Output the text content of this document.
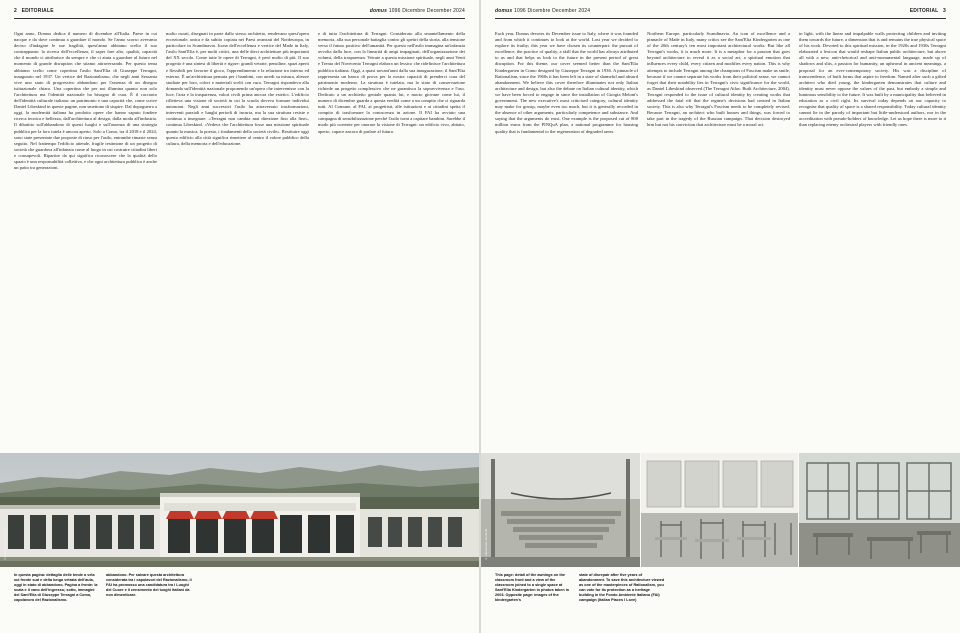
2 EDITORIALE	domus 1096 Dicembre December 2024

Ogni anno, Domus dedica il numero di dicembre all'Italia. Paese in cui nacque e da dove continua a guardare il mondo. Se l'anno scorso avevamo deciso d'indagare le sue fragilità, quest'anno abbiamo scelto il suo contrappunto: la ricerca dell'eccellenza, il saper fare alto, qualità, capacità che il mondo ci attribuisce da sempre e che ci aiuta a guardare al futuro nel momento di grande disruption che stiamo attraversando. Per questo tema abbiamo scelto come copertina l'asilo Sant'Elia di Giuseppe Terragni, inaugurato nel 1937. Un vertice del Razionalismo, che negli anni Sessanta vive uno stato di progressivo abbandono per l'assenza di un disegno istituzionale chiaro. Una copertina che per noi illumina quanto non solo l'architettura ma l'identità nazionale ha bisogno di cura. È il racconto dell'identità culturale italiana: un patrimonio e una capacità che, come scrive Daniel Libeskind in queste pagine, non smettono di stupire. Dal dopoguerra a oggi, la modernità italiana ha prodotto opere che hanno saputo fondere ricerca tecnica e bellezza, dall'architettura al design, dalla moda all'industria. Il dibattito sull'abbandono di questi luoghi e sull'assenza di una strategia pubblica per la loro tutela è ancora aperto. Solo a Como, tra il 2018 e il 2024, sono state presentate due proposte di riuso per l'asilo, entrambe rimaste senza seguito. Nel frattempo l'edificio attende, fragile testimone di un progetto di società che guardava all'infanzia come al luogo in cui costruire cittadini liberi e consapevoli. Ripartire da qui significa riconoscere che la qualità dello spazio è una responsabilità collettiva, e che ogni architettura pubblica è anche un patto tra generazioni.

molto curati, disegnati in parte dallo stesso architetto, rendevano quest'opera eccezionale, unica e da subito copiata nei Paesi avanzati del Nordeuropa, in particolare in Scandinavia. Icona dell'eccellenza e vertice del Made in Italy, l'asilo Sant'Elia è, per molti critici, una delle dieci architetture più importanti del XX secolo. Come tutte le opere di Terragni, è però molto di più. Il suo progetto è una sintesi di libertà e rigore: grandi vetrate, pensiline, spazi aperti e flessibili per favorire il gioco, l'apprendimento e la relazione tra interno ed esterno. È un'architettura pensata per i bambini, con arredi su misura, altezze studiate per loro, colori e materiali scelti con cura. Terragni rispondeva alla domanda sull'identità nazionale proponendo un'opera che intervenisse con la luce, l'aria e la trasparenza, valori civili prima ancora che estetici. L'edificio rifletteva una visione di società in cui la scuola doveva formare individui autonomi. Negli anni successivi l'asilo ha attraversato trasformazioni, interventi parziali e lunghi periodi di incuria, ma la sua struttura resiste e continua a insegnare. «Terragni non cambia mai direzione fino alla fine», continua Libeskind. «Vedeva che l'architettura fosse una missione spirituale quanto la musica, la poesia, i fondamenti della società civile». Restituire oggi questo edificio alla città significa rimettere al centro il valore pubblico della cultura, della memoria e dell'educazione.

e di tutta l'architettura di Terragni. Considerato allo smantellamento della memoria, alla sua personale battaglia contro gli spettri della storia, alla tensione verso il futuro positivo dell'umanità. Per questo nell'asilo immagina un'infanzia avvolta dalla luce, con la linearità di ampi impaginati, dell'organizzazione dei volumi, della trasparenza. Vetrate a questa missione spirituale, negli anni Venti e Trenta del Novecento Terragni elabora un lessico che ridefinisce l'architettura pubblica italiana. Oggi, a quasi novant'anni dalla sua inaugurazione, il Sant'Elia rappresenta un banco di prova per la nostra capacità di prenderci cura del patrimonio moderno. La struttura è tutelata, ma lo stato di conservazione richiede un progetto complessivo che ne garantisca la sopravvivenza e l'uso. Dedicato a un architetto geniale quanto lui, e morto giovane come lui, il numero di dicembre guarda a questa eredità come a un compito che ci riguarda tutti. Al Comune, al FAI, ai progettisti, alle istituzioni e ai cittadini spetta il compito di trasformare la conoscenza in azione. Il FAI ha avviato una campagna di sensibilizzazione perché l'asilo torni a ospitare bambini. Sarebbe il modo più coerente per onorare la visione di Terragni: un edificio vivo, abitato, aperto, capace ancora di parlare al futuro.

© Alessandro Gandolfi

In questa pagina: dettaglio delle tende a vela sul fronte sud e della lunga vetrata dell'aula, oggi in stato di abbandono. Pagina a fronte: la scala e il vano dell'ingresso; sotto, immagini del Sant'Elia di Giuseppe Terragni a Como, capolavoro del Razionalismo.

abbandono. Per salvare questa architettura considerata tra i capolavori del Razionalismo, il FAI ha promosso una candidatura tra i Luoghi del Cuore e il censimento dei luoghi italiani da non dimenticare.

domus 1096 Dicembre December 2024	EDITORIAL 3

Each year, Domus devotes its December issue to Italy, where it was founded and from which it continues to look at the world. Last year we decided to explore its frailty; this year we have chosen its counterpart: the pursuit of excellence, the practice of quality, a skill that the world has always attributed to us and that helps us look to the future in the present period of great disruption. For this theme, our cover seemed better than the Sant'Elia Kindergarten in Como designed by Giuseppe Terragni in 1936. A pinnacle of Rationalism, since the 1960s it has been left in a state of shameful and absurd abandonment. We believe this cover therefore illuminates not only Italian architecture and design, but also the debate on Italian cultural identity, which we have been forced to engage in since the installation of Giorgia Meloni's government. The new executive's most criticised category, cultural identity may make for gossip, maybe even too much, but it is generally recorded in the absence of other arguments, particularly competence and substance. And saying that the arguments do exist. One example is the proposed cut of 800 million euros from the PINQuA plan, a national programme for housing quality that is fundamental to the regeneration of degraded areas.

Northern Europe, particularly Scandinavia. An icon of excellence and a pinnacle of Made in Italy, many critics see the Sant'Elia Kindergarten as one of the 20th century's ten most important architectural works. But like all Terragni's works, it is much more. It is a metaphor for a passion that goes beyond architecture to reveal it as a social art, a spiritual emotion that influences every child, every citizen and modifies every nation. This is why attempts to include Terragni among the champions of Fascism make us smile, because if we cannot separate his works from their political sense, we cannot forget that their notability lies in Terragni's civic significance for the world, as Daniel Libeskind observed (The Terragni Atlas: Built Architecture, 2004). Terragni responded to the issue of cultural identity by creating works that addressed the fatal rift that the regime's decisions had created in Italian society. This is also why Terragni's Fascism needs to be completely revised. Because Terragni, an architect who built houses and things, was forced to take part in the tragedy of the Russian campaign. That decision destroyed him but not his conviction that architecture must be a moral act.

in light, with the linear and impalpable walls protecting children and inviting them towards the future, a dimension that is and remains the true physical space of his work. Devoted to this spiritual mission, in the 1920s and 1930s Terragni elaborated a lexicon that would reshape Italian public architecture, but above all with a new, anti-rhetorical and anti-monumental language, made up of shadows and slits, a passion for humanity, an upheaval in ancient meanings, a proposal for an ever-contemporary society. His was a discipline of transcendence, of built forms that aspire to freedom. Named after such a gifted architect who died young, the kindergarten demonstrates that culture and identity must never oppose the values of the past, but embody a simple and luminous sensibility to the future. It was built by a municipality that believed in education as a civil right. Its survival today depends on our capacity to recognise that quality of space is a shared responsibility. Today cultural identity cannot lie in the parody of important but little-understood authors, nor in the accreditation with pseudo-holders of knowledge. Let us hope there is more to it than replacing enemy orchestral players with friendly ones.

© Alessandro Gandolfi

This page: detail of the awnings on the classroom front and a view of the classroom joined to a single space at Sant'Elia Kindergarten in photos taken in 2003. Opposite page: images of the kindergarten's

state of disrepair after five years of abandonment. To save this architecture viewed as one of the masterpieces of Rationalism, you can vote for its protection as a heritage building in the Fondo Ambiente Italiano (FAI) campaign (Italian Places I Love)
